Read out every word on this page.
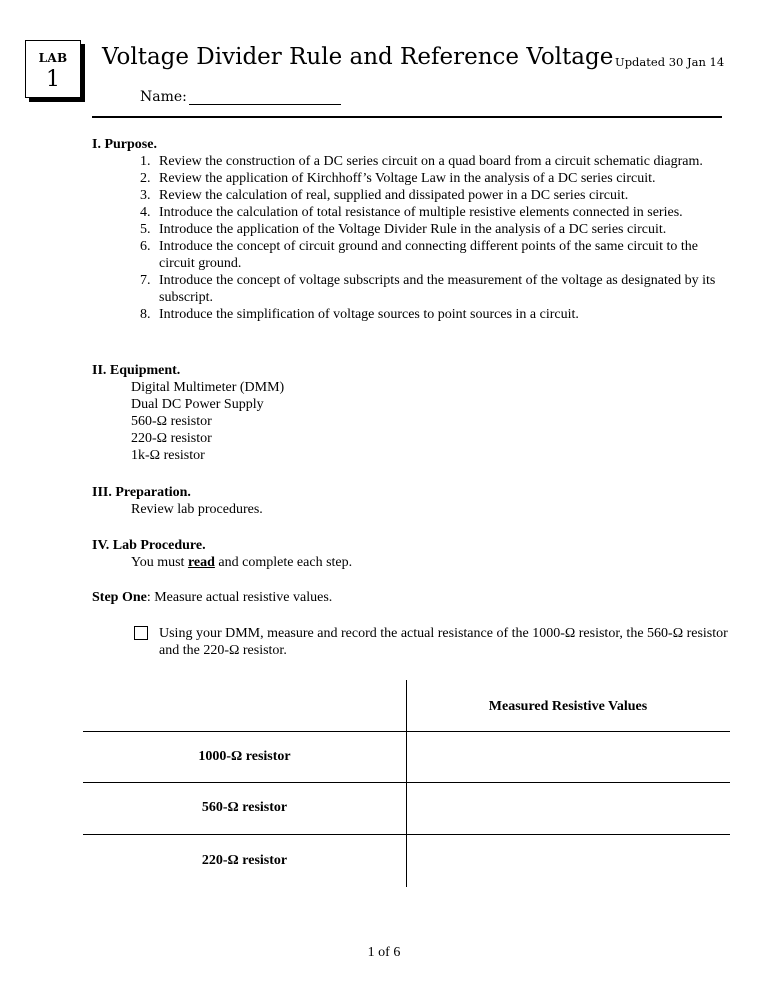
LAB
1
Voltage Divider Rule and Reference Voltage Updated 30 Jan 14
Name:
I. Purpose.
1. Review the construction of a DC series circuit on a quad board from a circuit schematic diagram.
2. Review the application of Kirchhoff’s Voltage Law in the analysis of a DC series circuit.
3. Review the calculation of real, supplied and dissipated power in a DC series circuit.
4. Introduce the calculation of total resistance of multiple resistive elements connected in series.
5. Introduce the application of the Voltage Divider Rule in the analysis of a DC series circuit.
6. Introduce the concept of circuit ground and connecting different points of the same circuit to the circuit ground.
7. Introduce the concept of voltage subscripts and the measurement of the voltage as designated by its subscript.
8. Introduce the simplification of voltage sources to point sources in a circuit.
II. Equipment.
Digital Multimeter (DMM)
Dual DC Power Supply
560-Ω resistor
220-Ω resistor
1k-Ω resistor
III. Preparation.
Review lab procedures.
IV. Lab Procedure.
You must read and complete each step.
Step One: Measure actual resistive values.
Using your DMM, measure and record the actual resistance of the 1000-Ω resistor, the 560-Ω resistor and the 220-Ω resistor.
	Measured Resistive Values
1000-Ω resistor	
560-Ω resistor	
220-Ω resistor	
1 of 6
